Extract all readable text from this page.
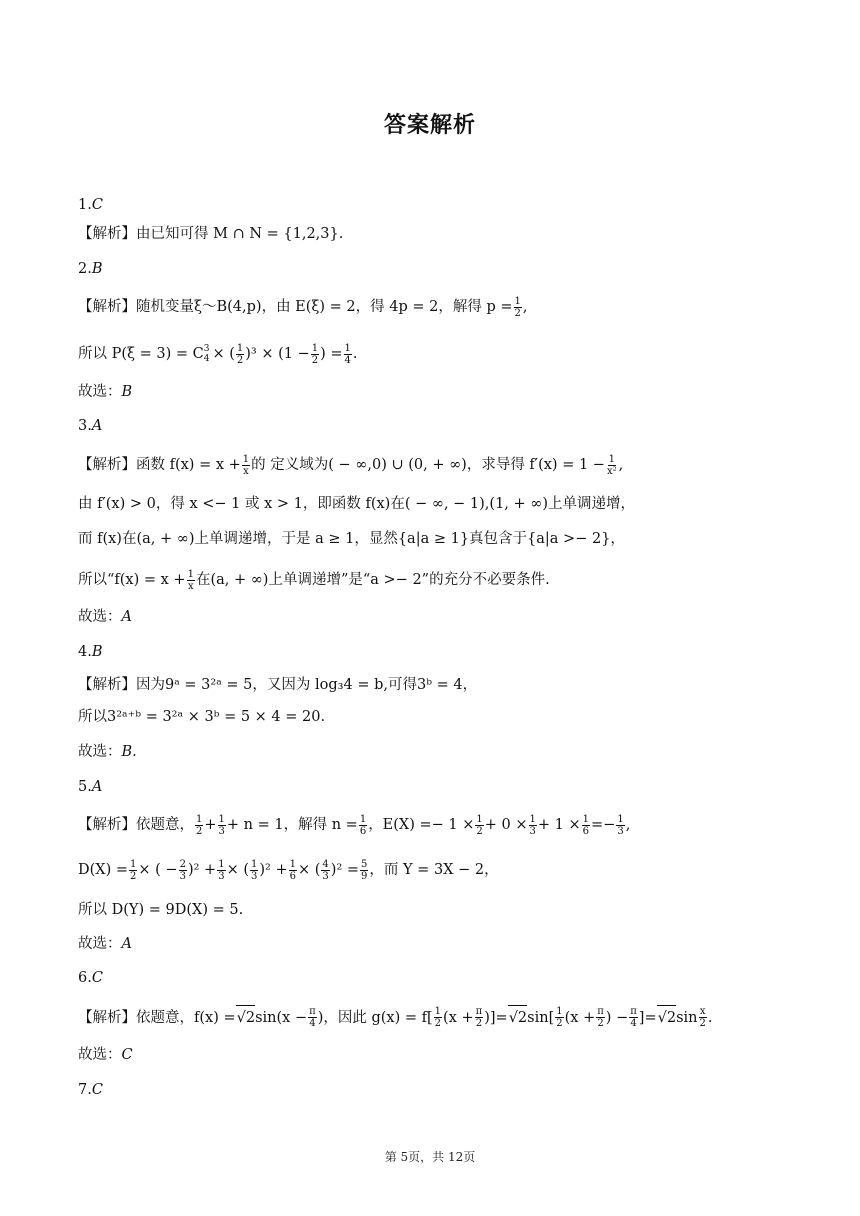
答案解析
1. C
【解析】 由已知可得 M ∩ N = {1,2,3}.
2. B
【解析】 随机变量ξ～B(4,p)，由 E(ξ) = 2，得 4p = 2，解得 $p = \frac{1}{2}$ ,
所以 P(ξ = 3) = C 3
4 × ( $\frac{1}{2} )^3 \times (1 - \frac{1}{2}$ ) = $\frac{1}{4}$ .
故选： B
3. A
【解析】 函数 $f(x) = x + \frac{1}{x}$ 的 定义域为( − ∞,0) ∪ (0, + ∞)，求导得 $f'(x) = 1 - \frac{1}{\text{x²}}$ ,
由 f′(x) > 0，得 x <− 1 或 x > 1，即函数 f(x)在( − ∞, − 1),(1, + ∞)上单调递增，
而 f(x)在(a, + ∞)上单调递增，于是 a ≥ 1，显然{a|a ≥ 1}真包含于{a|a >− 2}，
所以“$f(x) = x + \frac{1}{x}$ 在(a, + ∞)上单调递增”是“a >− 2”的充分不必要条件.
故选： A
4. B
【解析】 因为9ᵃ = 3²ᵃ = 5，又因为 log₃4 = b,可得3ᵇ = 4，
所以3²ᵃ⁺ᵇ = 3²ᵃ × 3ᵇ = 5 × 4 = 20.
故选： B.
5. A
【解析】 依题意， $\frac{1}{2} + \frac{1}{3} + n = 1$，解得 $n = \frac{1}{6}$ ，$E(X) =- 1 \times \frac{1}{2} + 0 \times \frac{1}{3} + 1 \times \frac{1}{6} =- \frac{1}{3}$ ,
$D(X) = \frac{1}{2}$ × ( − $\frac{2}{3} )^2 + \frac{1}{3}$ × ( $\frac{1}{3} )^2 + \frac{1}{6}$ × ( $\frac{4}{3} )^2 = \frac{5}{9}$ ，而 Y = 3X − 2，
所以 D(Y) = 9D(X) = 5.
故选： A
6. C
【解析】 依题意，f(x) = √2 $\sin (x - \frac{\pi}{4}$ ) ，因此 g(x) = f [ $\frac{1}{2} (x + \frac{\pi}{2}$ )] = √2 sin [ $\frac{1}{2} (x + \frac{\pi}{2}$ ) − $\frac{\pi}{4}$ ] = √2 $\sin \frac{x}{2}$ .
故选： C
7. C
第 5页，共 12页
